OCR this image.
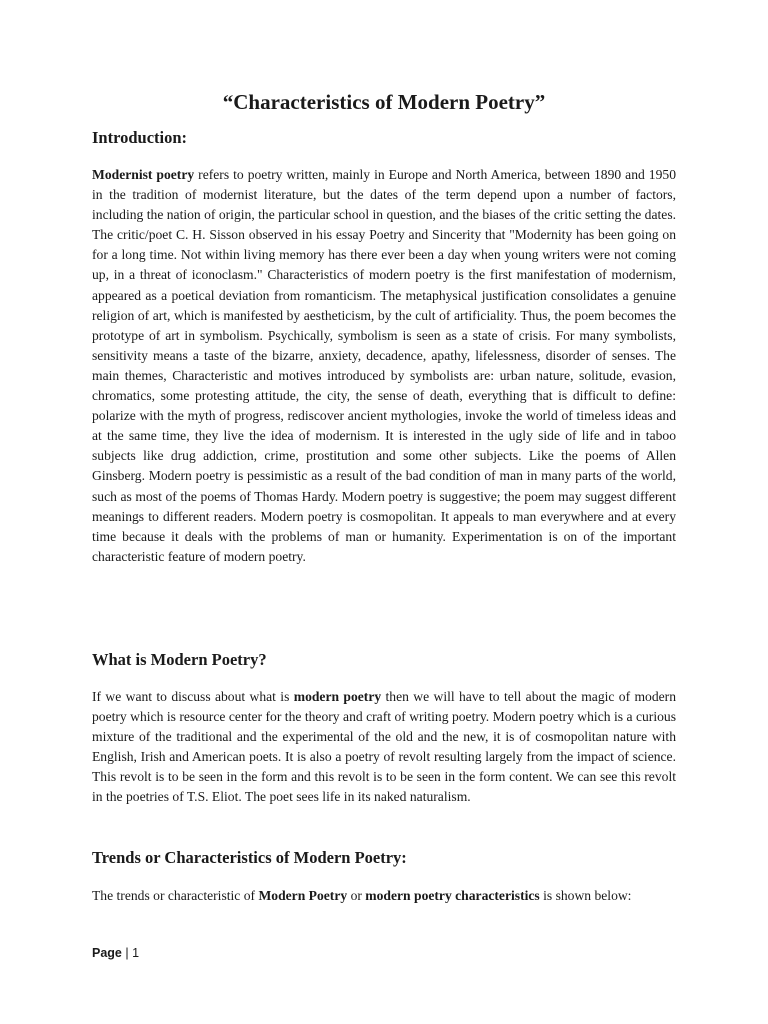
“Characteristics of Modern Poetry”
Introduction:

Modernist poetry refers to poetry written, mainly in Europe and North America, between 1890 and 1950 in the tradition of modernist literature, but the dates of the term depend upon a number of factors, including the nation of origin, the particular school in question, and the biases of the critic setting the dates. The critic/poet C. H. Sisson observed in his essay Poetry and Sincerity that "Modernity has been going on for a long time. Not within living memory has there ever been a day when young writers were not coming up, in a threat of iconoclasm." Characteristics of modern poetry is the first manifestation of modernism, appeared as a poetical deviation from romanticism. The metaphysical justification consolidates a genuine religion of art, which is manifested by aestheticism, by the cult of artificiality. Thus, the poem becomes the prototype of art in symbolism. Psychically, symbolism is seen as a state of crisis. For many symbolists, sensitivity means a taste of the bizarre, anxiety, decadence, apathy, lifelessness, disorder of senses. The main themes, Characteristic and motives introduced by symbolists are: urban nature, solitude, evasion, chromatics, some protesting attitude, the city, the sense of death, everything that is difficult to define: polarize with the myth of progress, rediscover ancient mythologies, invoke the world of timeless ideas and at the same time, they live the idea of modernism. It is interested in the ugly side of life and in taboo subjects like drug addiction, crime, prostitution and some other subjects. Like the poems of Allen Ginsberg. Modern poetry is pessimistic as a result of the bad condition of man in many parts of the world, such as most of the poems of Thomas Hardy. Modern poetry is suggestive; the poem may suggest different meanings to different readers. Modern poetry is cosmopolitan. It appeals to man everywhere and at every time because it deals with the problems of man or humanity. Experimentation is on of the important characteristic feature of modern poetry.

What is Modern Poetry?

If we want to discuss about what is modern poetry then we will have to tell about the magic of modern poetry which is resource center for the theory and craft of writing poetry. Modern poetry which is a curious mixture of the traditional and the experimental of the old and the new, it is of cosmopolitan nature with English, Irish and American poets. It is also a poetry of revolt resulting largely from the impact of science. This revolt is to be seen in the form and this revolt is to be seen in the form content. We can see this revolt in the poetries of T.S. Eliot. The poet sees life in its naked naturalism.

Trends or Characteristics of Modern Poetry:

The trends or characteristic of Modern Poetry or modern poetry characteristics is shown below:

Page | 1
